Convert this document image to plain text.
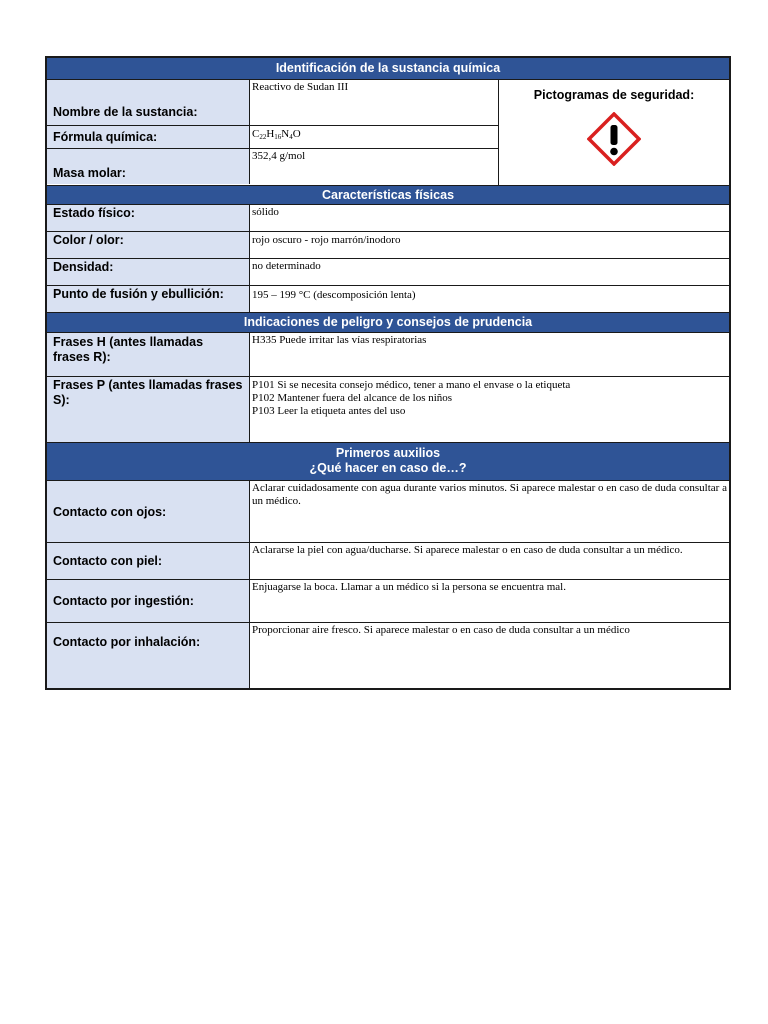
Identificación de la sustancia química
Nombre de la sustancia:
Reactivo de Sudan III
Fórmula química:	$C_{22}H_{16}N_4O$
Masa molar:
352,4 g/mol
Pictogramas de seguridad:
Características físicas
Estado físico:	sólido
Color / olor:	rojo oscuro - rojo marrón/inodoro
Densidad:	no determinado
Punto de fusión y ebullición:	195 – 199 °C (descomposición lenta)
Indicaciones de peligro y consejos de prudencia
Frases H (antes llamadas frases R):
H335 Puede irritar las vías respiratorias
Frases P (antes llamadas frases S):
P101 Si se necesita consejo médico, tener a mano el envase o la etiqueta
P102 Mantener fuera del alcance de los niños
P103 Leer la etiqueta antes del uso
Primeros auxilios
¿Qué hacer en caso de…?
Contacto con ojos:
Aclarar cuidadosamente con agua durante varios minutos. Si aparece malestar o en caso de duda consultar a un médico.
Contacto con piel:
Aclararse la piel con agua/ducharse. Si aparece malestar o en caso de duda consultar a un médico.
Contacto por ingestión:
Enjuagarse la boca. Llamar a un médico si la persona se encuentra mal.
Contacto por inhalación:
Proporcionar aire fresco. Si aparece malestar o en caso de duda consultar a un médico
